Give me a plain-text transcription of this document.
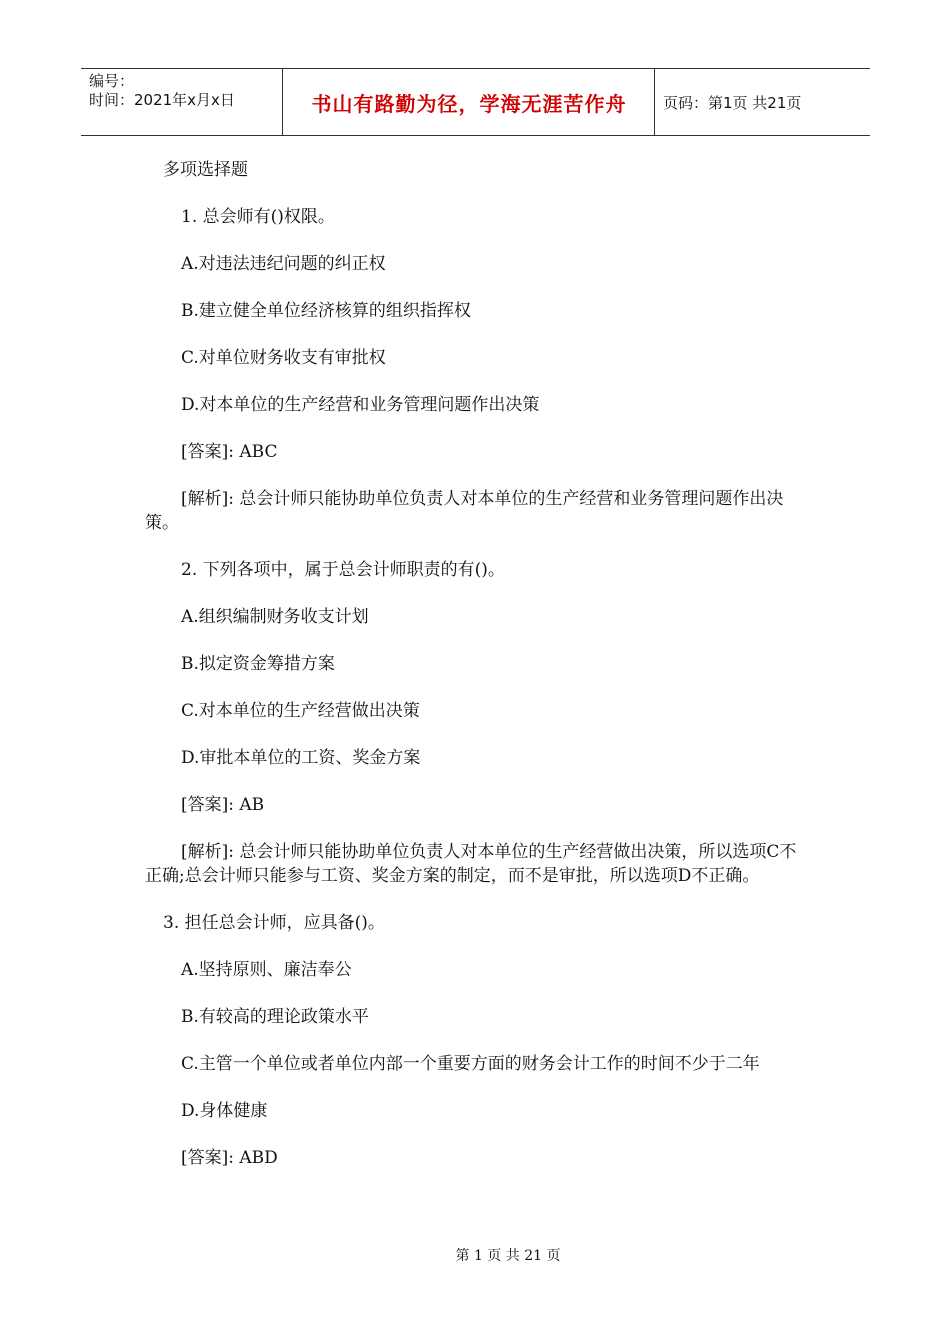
编号：
时间：2021年x月x日	书山有路勤为径，学海无涯苦作舟	页码：第1页 共21页

多项选择题

1. 总会师有()权限。

A.对违法违纪问题的纠正权

B.建立健全单位经济核算的组织指挥权

C.对单位财务收支有审批权

D.对本单位的生产经营和业务管理问题作出决策

[答案]: ABC

[解析]: 总会计师只能协助单位负责人对本单位的生产经营和业务管理问题作出决策。

2. 下列各项中，属于总会计师职责的有()。

A.组织编制财务收支计划

B.拟定资金筹措方案

C.对本单位的生产经营做出决策

D.审批本单位的工资、奖金方案

[答案]: AB

[解析]: 总会计师只能协助单位负责人对本单位的生产经营做出决策，所以选项C不正确;总会计师只能参与工资、奖金方案的制定，而不是审批，所以选项D不正确。

3. 担任总会计师，应具备()。

A.坚持原则、廉洁奉公

B.有较高的理论政策水平

C.主管一个单位或者单位内部一个重要方面的财务会计工作的时间不少于二年

D.身体健康

[答案]: ABD

第 1 页 共 21 页
